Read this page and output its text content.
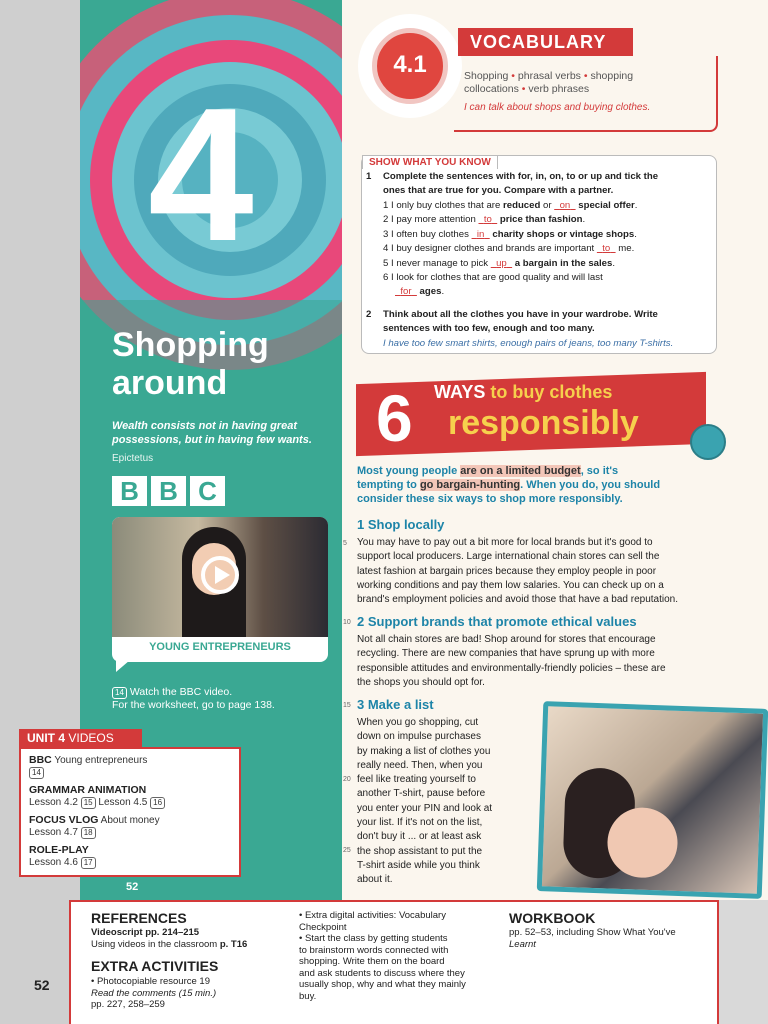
4
Shopping
around
Wealth consists not in having great possessions, but in having few wants.
Epictetus
B B C
YOUNG ENTREPRENEURS
14 Watch the BBC video.
For the worksheet, go to page 138.
52
UNIT 4 VIDEOS
BBC Young entrepreneurs
14
GRAMMAR ANIMATION
Lesson 4.2 15 Lesson 4.5 16
FOCUS VLOG About money
Lesson 4.7 18
ROLE-PLAY
Lesson 4.6 17
4.1
VOCABULARY
Shopping • phrasal verbs • shopping
collocations • verb phrases
I can talk about shops and buying clothes.
SHOW WHAT YOU KNOW
1 Complete the sentences with for, in, on, to or up and tick the
ones that are true for you. Compare with a partner.
1 I only buy clothes that are reduced or   on   special offer.
2 I pay more attention   to   price than fashion.
3 I often buy clothes   in   charity shops or vintage shops.
4 I buy designer clothes and brands are important   to   me.
5 I never manage to pick   up   a bargain in the sales.
6 I look for clothes that are good quality and will last
for   ages.
2 Think about all the clothes you have in your wardrobe. Write
sentences with too few, enough and too many.
I have too few smart shirts, enough pairs of jeans, too many T-shirts.
6 WAYS to buy clothes
responsibly
Most young people are on a limited budget, so it's
tempting to go bargain-hunting. When you do, you should
consider these six ways to shop more responsibly.
1 Shop locally
5 You may have to pay out a bit more for local brands but it's good to
support local producers. Large international chain stores can sell the
latest fashion at bargain prices because they employ people in poor
working conditions and pay them low salaries. You can check up on a
brand's employment policies and avoid those that have a bad reputation.
2 Support brands that promote ethical values
10
Not all chain stores are bad! Shop around for stores that encourage
recycling. There are new companies that have sprung up with more
responsible attitudes and environmentally-friendly policies – these are
the shops you should opt for.
3 Make a list
15
20
25
When you go shopping, cut
down on impulse purchases
by making a list of clothes you
really need. Then, when you
feel like treating yourself to
another T-shirt, pause before
you enter your PIN and look at
your list. If it's not on the list,
don't buy it ... or at least ask
the shop assistant to put the
T-shirt aside while you think
about it.
REFERENCES
Videoscript pp. 214–215
Using videos in the classroom p. T16
EXTRA ACTIVITIES
• Photocopiable resource 19
Read the comments (15 min.)
pp. 227, 258–259
• Extra digital activities: Vocabulary
Checkpoint
• Start the class by getting students
to brainstorm words connected with
shopping. Write them on the board
and ask students to discuss where they
usually shop, why and what they mainly
buy.
WORKBOOK
pp. 52–53, including Show What You've
Learnt
52
